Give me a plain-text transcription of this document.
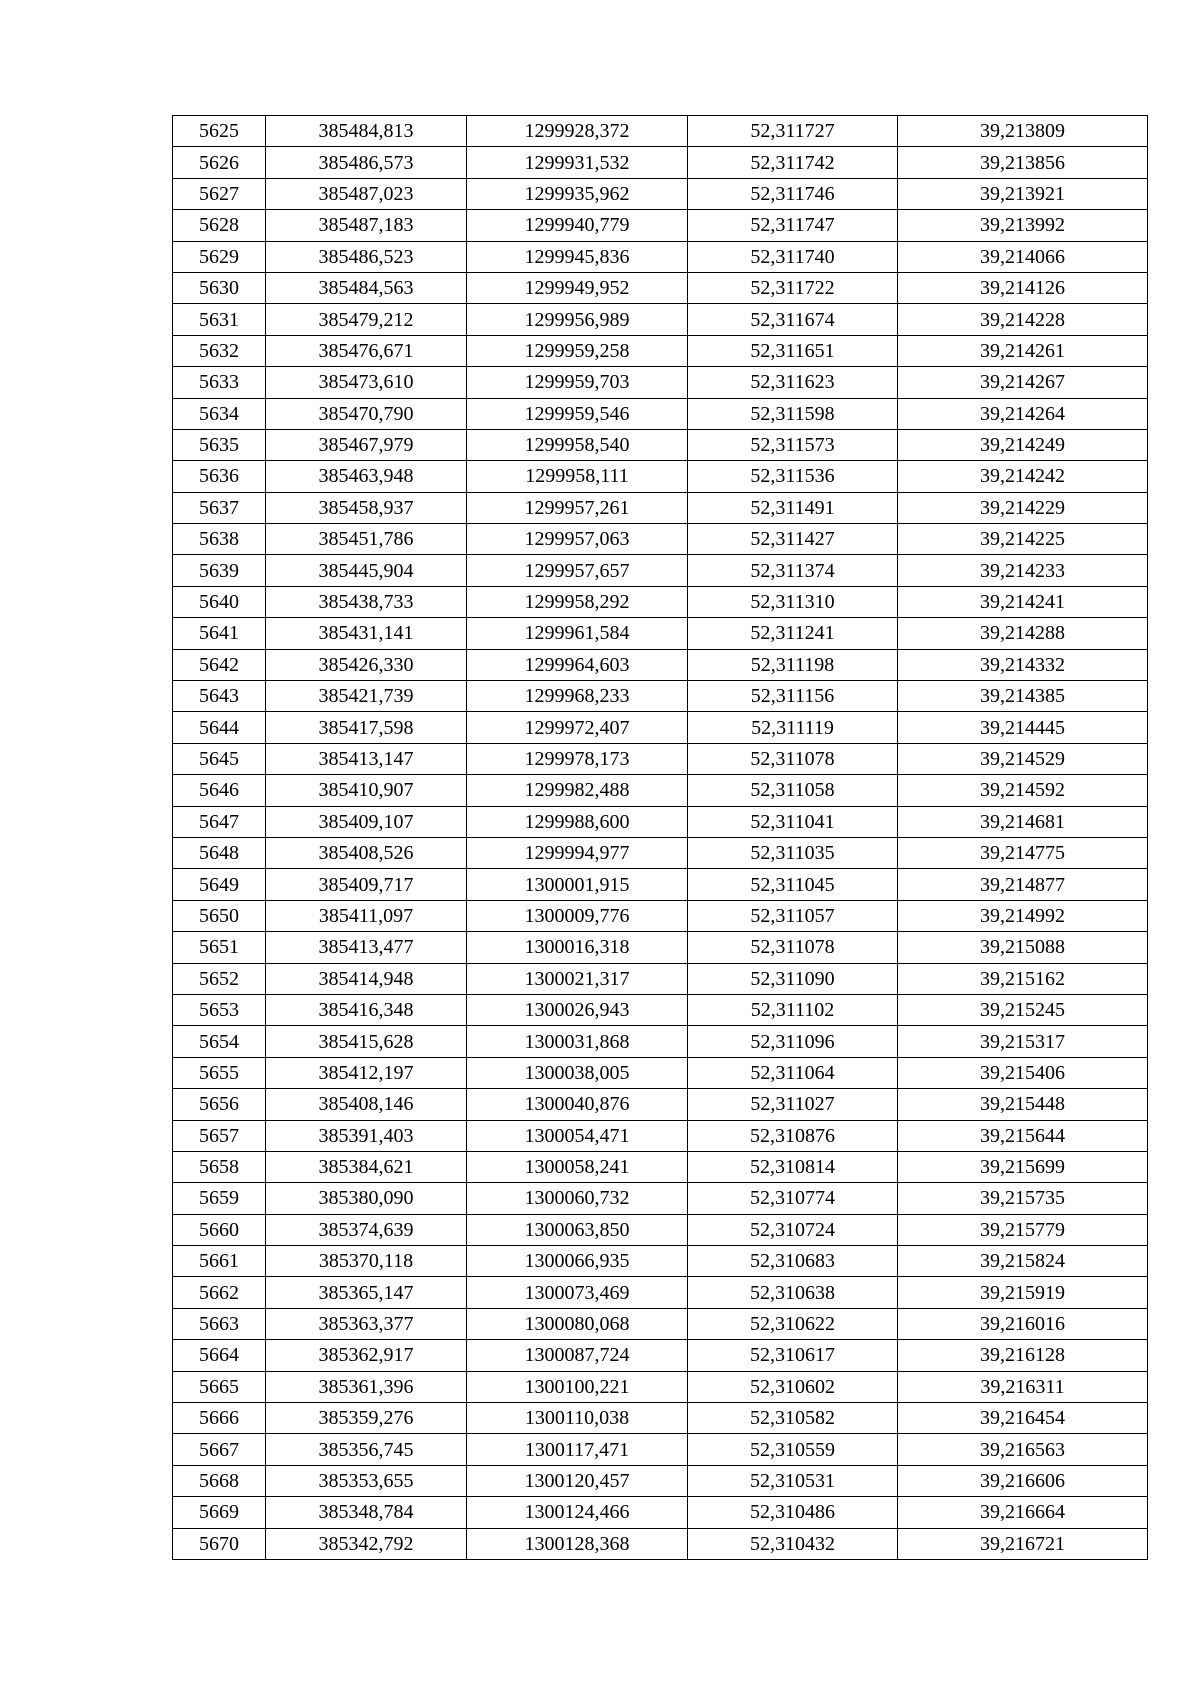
5625	385484,813	1299928,372	52,311727	39,213809
5626	385486,573	1299931,532	52,311742	39,213856
5627	385487,023	1299935,962	52,311746	39,213921
5628	385487,183	1299940,779	52,311747	39,213992
5629	385486,523	1299945,836	52,311740	39,214066
5630	385484,563	1299949,952	52,311722	39,214126
5631	385479,212	1299956,989	52,311674	39,214228
5632	385476,671	1299959,258	52,311651	39,214261
5633	385473,610	1299959,703	52,311623	39,214267
5634	385470,790	1299959,546	52,311598	39,214264
5635	385467,979	1299958,540	52,311573	39,214249
5636	385463,948	1299958,111	52,311536	39,214242
5637	385458,937	1299957,261	52,311491	39,214229
5638	385451,786	1299957,063	52,311427	39,214225
5639	385445,904	1299957,657	52,311374	39,214233
5640	385438,733	1299958,292	52,311310	39,214241
5641	385431,141	1299961,584	52,311241	39,214288
5642	385426,330	1299964,603	52,311198	39,214332
5643	385421,739	1299968,233	52,311156	39,214385
5644	385417,598	1299972,407	52,311119	39,214445
5645	385413,147	1299978,173	52,311078	39,214529
5646	385410,907	1299982,488	52,311058	39,214592
5647	385409,107	1299988,600	52,311041	39,214681
5648	385408,526	1299994,977	52,311035	39,214775
5649	385409,717	1300001,915	52,311045	39,214877
5650	385411,097	1300009,776	52,311057	39,214992
5651	385413,477	1300016,318	52,311078	39,215088
5652	385414,948	1300021,317	52,311090	39,215162
5653	385416,348	1300026,943	52,311102	39,215245
5654	385415,628	1300031,868	52,311096	39,215317
5655	385412,197	1300038,005	52,311064	39,215406
5656	385408,146	1300040,876	52,311027	39,215448
5657	385391,403	1300054,471	52,310876	39,215644
5658	385384,621	1300058,241	52,310814	39,215699
5659	385380,090	1300060,732	52,310774	39,215735
5660	385374,639	1300063,850	52,310724	39,215779
5661	385370,118	1300066,935	52,310683	39,215824
5662	385365,147	1300073,469	52,310638	39,215919
5663	385363,377	1300080,068	52,310622	39,216016
5664	385362,917	1300087,724	52,310617	39,216128
5665	385361,396	1300100,221	52,310602	39,216311
5666	385359,276	1300110,038	52,310582	39,216454
5667	385356,745	1300117,471	52,310559	39,216563
5668	385353,655	1300120,457	52,310531	39,216606
5669	385348,784	1300124,466	52,310486	39,216664
5670	385342,792	1300128,368	52,310432	39,216721
